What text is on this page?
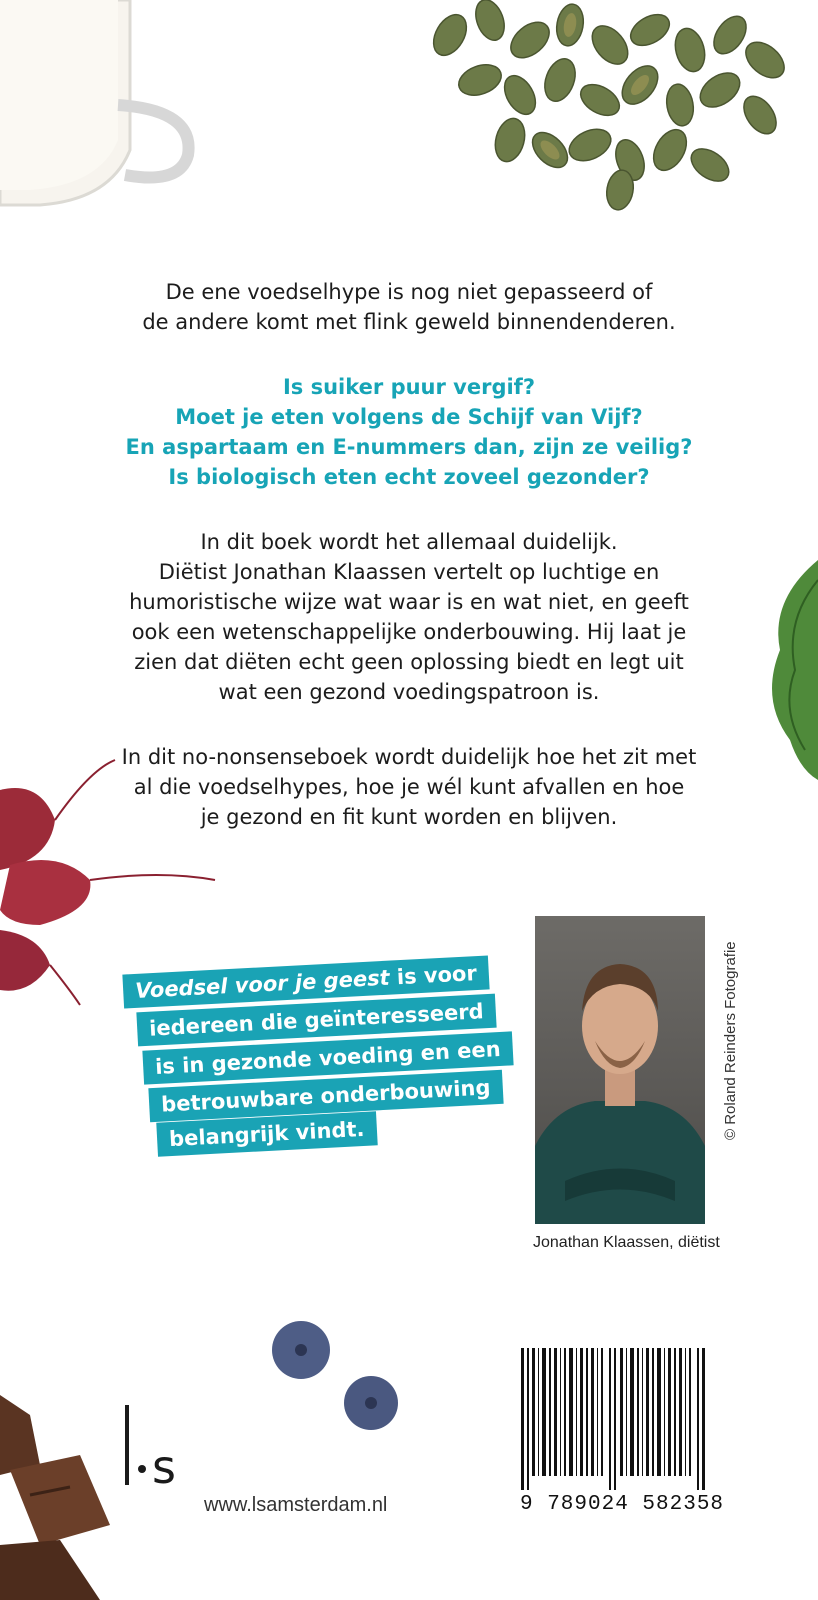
De ene voedselhype is nog niet gepasseerd of
de andere komt met flink geweld binnendenderen.
Is suiker puur vergif?
Moet je eten volgens de Schijf van Vijf?
En aspartaam en E-nummers dan, zijn ze veilig?
Is biologisch eten echt zoveel gezonder?
In dit boek wordt het allemaal duidelijk.
Diëtist Jonathan Klaassen vertelt op luchtige en
humoristische wijze wat waar is en wat niet, en geeft
ook een wetenschappelijke onderbouwing. Hij laat je
zien dat diëten echt geen oplossing biedt en legt uit
wat een gezond voedingspatroon is.
In dit no-nonsenseboek wordt duidelijk hoe het zit met
al die voedselhypes, hoe je wél kunt afvallen en hoe
je gezond en fit kunt worden en blijven.
Voedsel voor je geest is voor
iedereen die geïnteresseerd
is in gezonde voeding en een
betrouwbare onderbouwing
belangrijk vindt.
Jonathan Klaassen, diëtist
© Roland Reinders Fotografie
s
www.lsamsterdam.nl	9 789024 582358
